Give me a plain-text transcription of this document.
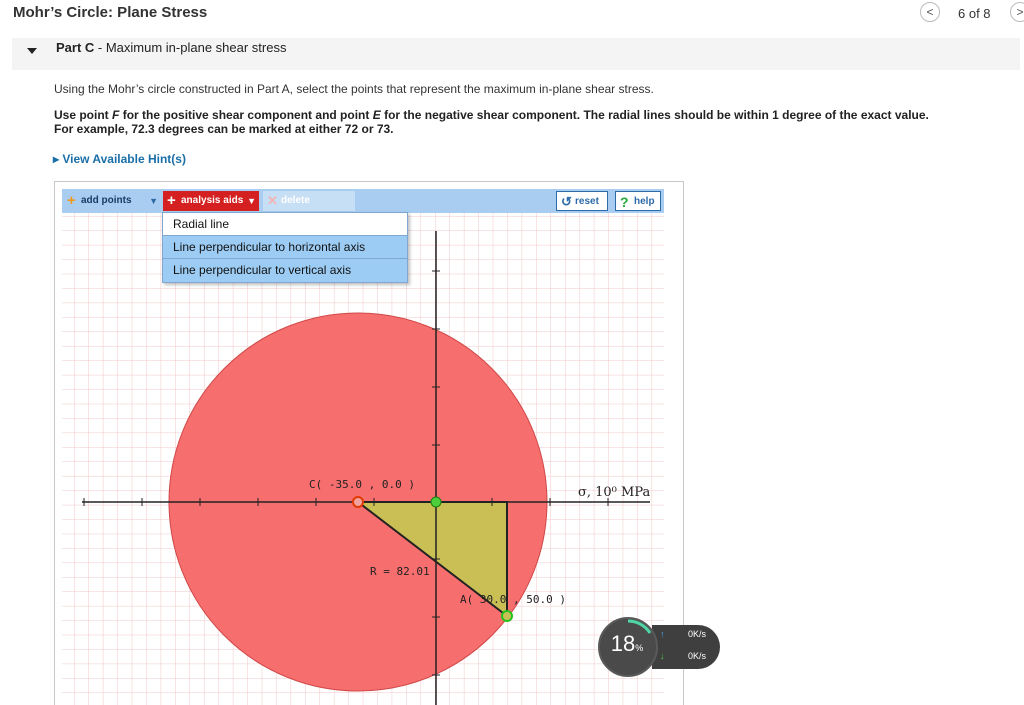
Mohr’s Circle: Plane Stress	<	6 of 8	>
Part C - Maximum in-plane shear stress
Using the Mohr’s circle constructed in Part A, select the points that represent the maximum in-plane shear stress.
Use point F for the positive shear component and point E for the negative shear component. The radial lines should be within 1 degree of the exact value.
For example, 72.3 degrees can be marked at either 72 or 73.
▸ View Available Hint(s)
C( -35.0 , 0.0 )
R = 82.01
A( 30.0 , 50.0 )
σ, 10⁰ MPa
+ add points ▼ + analysis aids ▼ ✕ delete	↺ reset	? help
Radial line
Line perpendicular to horizontal axis
Line perpendicular to vertical axis
18%
↑
↓
0K/s
0K/s
